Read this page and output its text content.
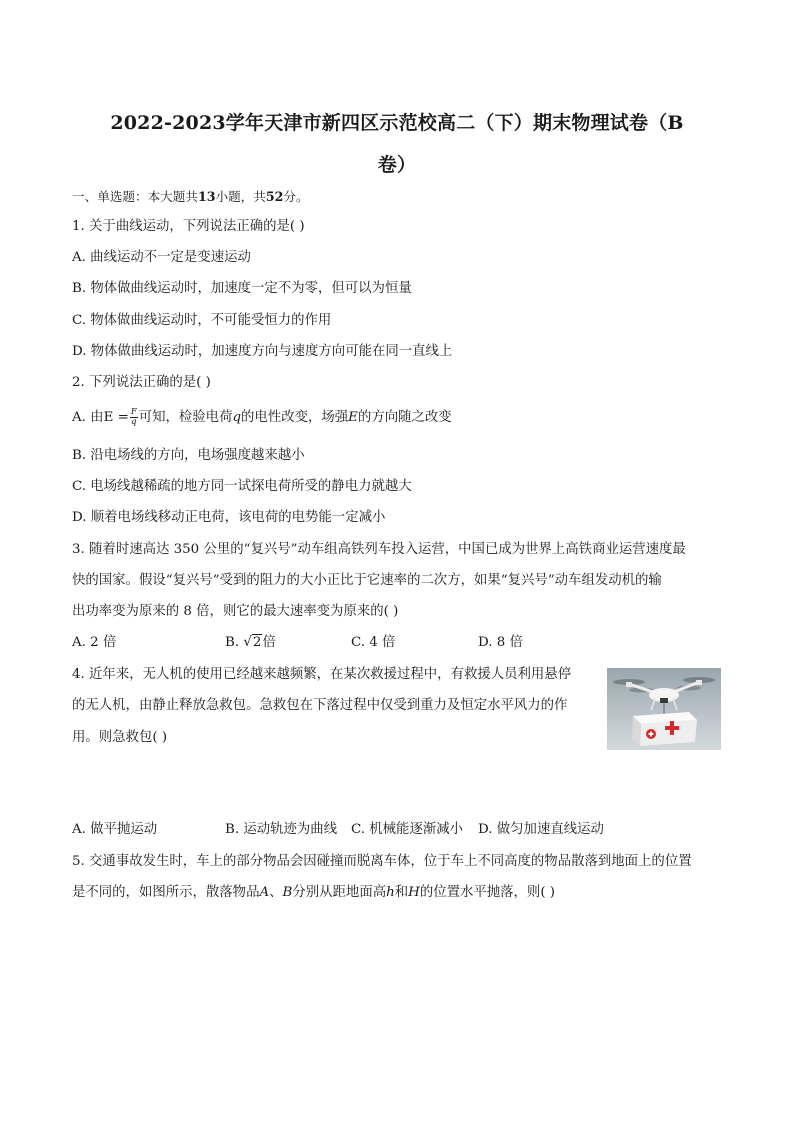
2022-2023学年天津市新四区示范校高二（下）期末物理试卷（B
卷）
一、单选题：本大题共13小题，共52分。
1. 关于曲线运动，下列说法正确的是( )
A. 曲线运动不一定是变速运动
B. 物体做曲线运动时，加速度一定不为零，但可以为恒量
C. 物体做曲线运动时，不可能受恒力的作用
D. 物体做曲线运动时，加速度方向与速度方向可能在同一直线上
2. 下列说法正确的是( )
A. 由$E = \frac{F}{q}$ 可知，检验电荷q的电性改变，场强E的方向随之改变
B. 沿电场线的方向，电场强度越来越小
C. 电场线越稀疏的地方同一试探电荷所受的静电力就越大
D. 顺着电场线移动正电荷，该电荷的电势能一定减小
3. 随着时速高达 350 公里的“复兴号”动车组高铁列车投入运营，中国已成为世界上高铁商业运营速度最
快的国家。假设“复兴号”受到的阻力的大小正比于它速率的二次方，如果“复兴号”动车组发动机的输
出功率变为原来的 8 倍，则它的最大速率变为原来的( )
A. 2 倍	B. √2倍	C. 4 倍	D. 8 倍
4. 近年来，无人机的使用已经越来越频繁，在某次救援过程中，有救援人员利用悬停
的无人机，由静止释放急救包。急救包在下落过程中仅受到重力及恒定水平风力的作
用。则急救包( )
A. 做平抛运动	B. 运动轨迹为曲线 C. 机械能逐渐减小 D. 做匀加速直线运动
5. 交通事故发生时，车上的部分物品会因碰撞而脱离车体，位于车上不同高度的物品散落到地面上的位置
是不同的，如图所示，散落物品A、B分别从距地面高h和H的位置水平抛落，则( )
